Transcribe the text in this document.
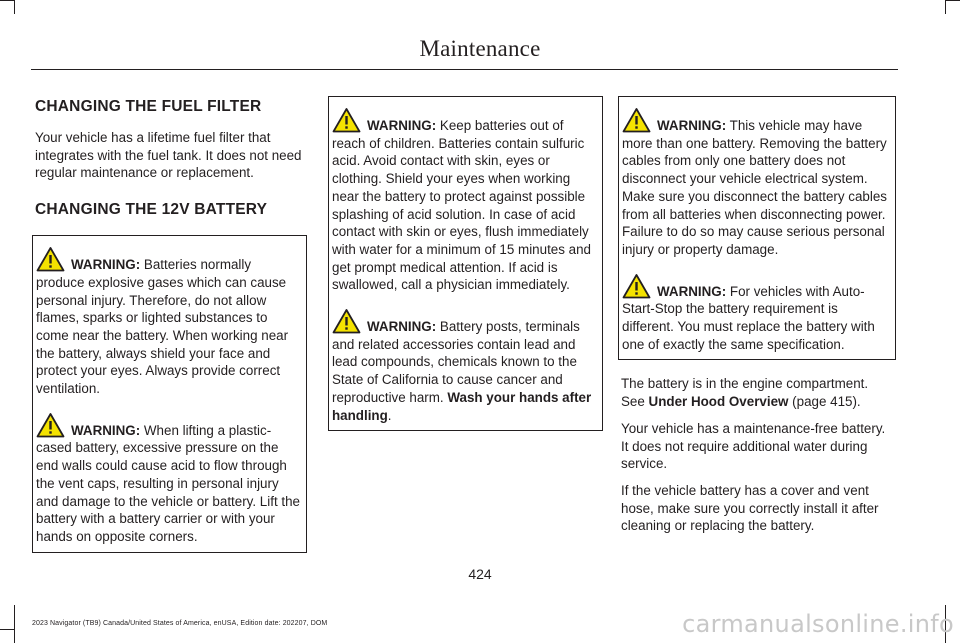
Maintenance
CHANGING THE FUEL FILTER

Your vehicle has a lifetime fuel filter that integrates with the fuel tank. It does not need regular maintenance or replacement.

CHANGING THE 12V BATTERY

WARNING: Batteries normally produce explosive gases which can cause personal injury. Therefore, do not allow flames, sparks or lighted substances to come near the battery. When working near the battery, always shield your face and protect your eyes. Always provide correct ventilation.

WARNING: When lifting a plastic-cased battery, excessive pressure on the end walls could cause acid to flow through the vent caps, resulting in personal injury and damage to the vehicle or battery. Lift the battery with a battery carrier or with your hands on opposite corners.

WARNING: Keep batteries out of reach of children. Batteries contain sulfuric acid. Avoid contact with skin, eyes or clothing. Shield your eyes when working near the battery to protect against possible splashing of acid solution. In case of acid contact with skin or eyes, flush immediately with water for a minimum of 15 minutes and get prompt medical attention. If acid is swallowed, call a physician immediately.

WARNING: Battery posts, terminals and related accessories contain lead and lead compounds, chemicals known to the State of California to cause cancer and reproductive harm. Wash your hands after handling.

WARNING: This vehicle may have more than one battery. Removing the battery cables from only one battery does not disconnect your vehicle electrical system. Make sure you disconnect the battery cables from all batteries when disconnecting power. Failure to do so may cause serious personal injury or property damage.

WARNING: For vehicles with Auto-Start-Stop the battery requirement is different. You must replace the battery with one of exactly the same specification.

The battery is in the engine compartment. See Under Hood Overview (page 415).

Your vehicle has a maintenance-free battery. It does not require additional water during service.

If the vehicle battery has a cover and vent hose, make sure you correctly install it after cleaning or replacing the battery.

424
2023 Navigator (TB9) Canada/United States of America, enUSA, Edition date: 202207, DOM	carmanualsonline.info
